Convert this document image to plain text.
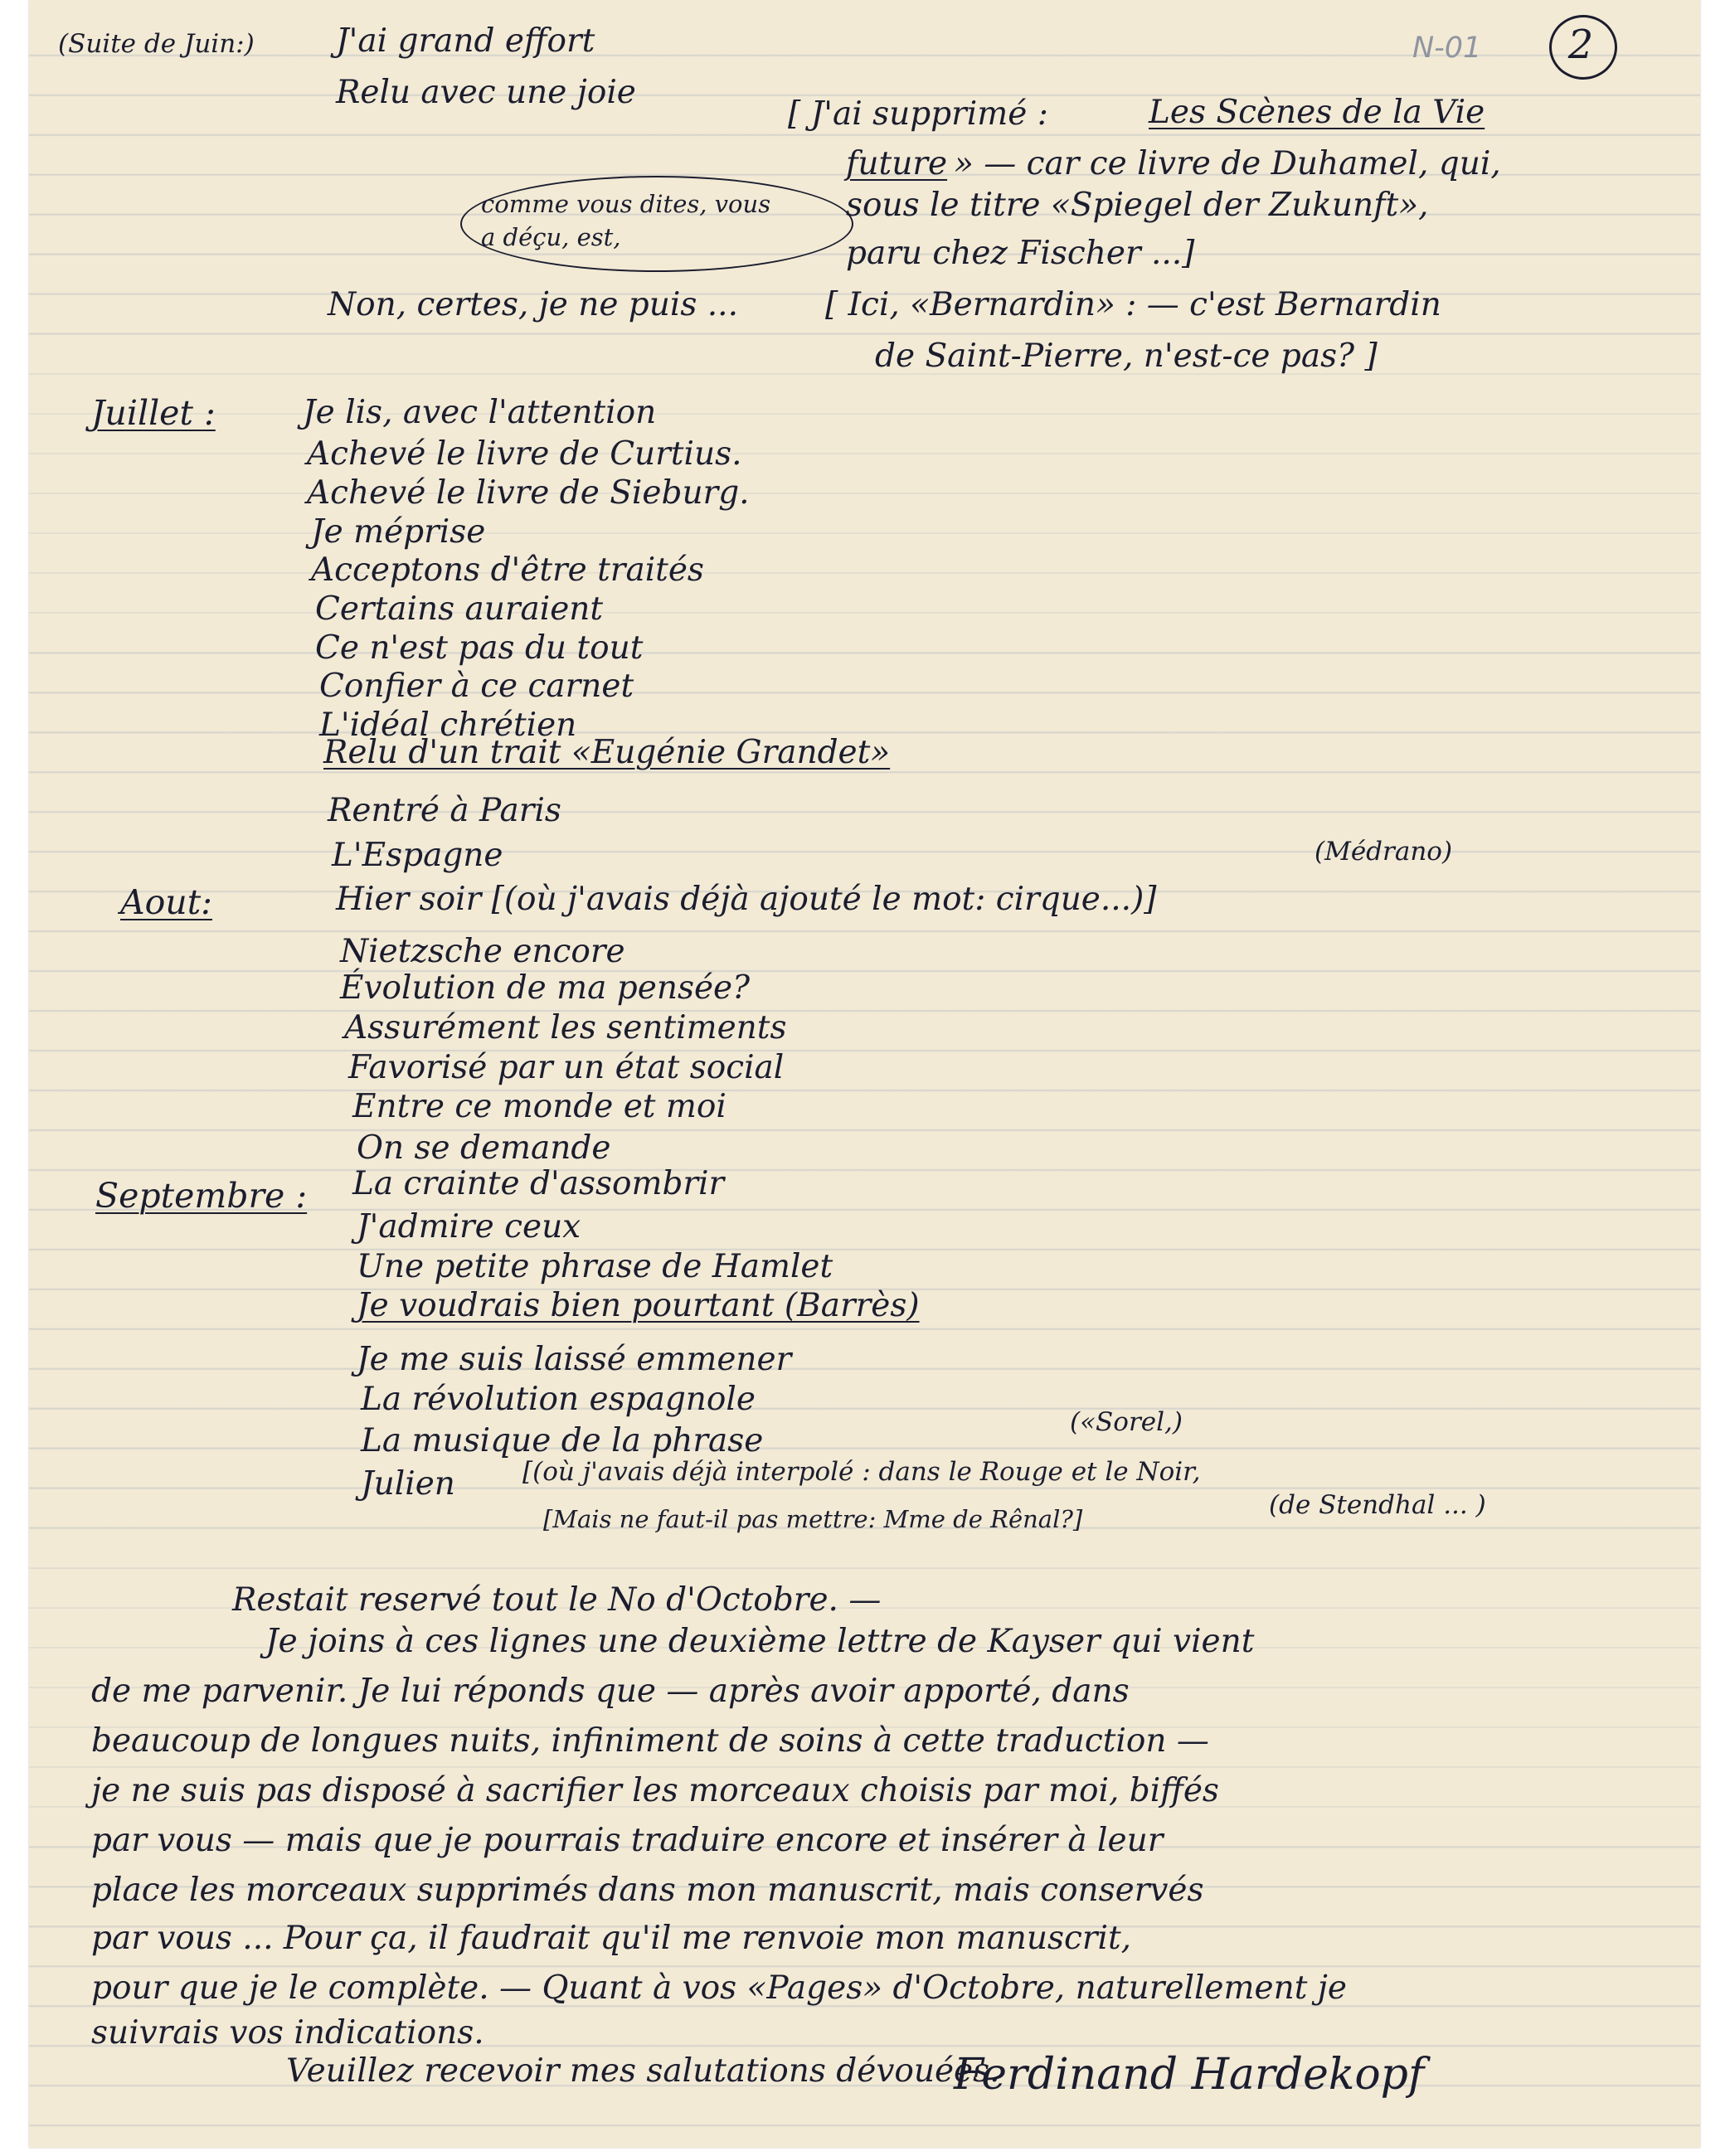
N-01	2
(Suite de Juin:)	J'ai grand effort
Relu avec une joie
[ J'ai supprimé :	Les Scènes de la Vie
future » — car ce livre de Duhamel, qui,
sous le titre «Spiegel der Zukunft»,
paru chez Fischer ...]
comme vous dites, vous
a déçu, est,
Non, certes, je ne puis ...	[ Ici, «Bernardin» : — c'est Bernardin
de Saint-Pierre, n'est-ce pas? ]
Juillet :	Je lis, avec l'attention
Achevé le livre de Curtius.
Achevé le livre de Sieburg.
Je méprise
Acceptons d'être traités
Certains auraient
Ce n'est pas du tout
Confier à ce carnet
L'idéal chrétien
Relu d'un trait «Eugénie Grandet»
Rentré à Paris
L'Espagne	(Médrano)
Aout:	Hier soir [(où j'avais déjà ajouté le mot: cirque...)]
Nietzsche encore
Évolution de ma pensée?
Assurément les sentiments
Favorisé par un état social
Entre ce monde et moi
On se demande
Septembre : La crainte d'assombrir
J'admire ceux
Une petite phrase de Hamlet
Je voudrais bien pourtant (Barrès)
Je me suis laissé emmener
La révolution espagnole
La musique de la phrase	(«Sorel,)
Julien	[(où j'avais déjà interpolé : dans le Rouge et le Noir,
[Mais ne faut-il pas mettre: Mme de Rênal?]	(de Stendhal ... )
Restait reservé tout le No d'Octobre. —
Je joins à ces lignes une deuxième lettre de Kayser qui vient
de me parvenir. Je lui réponds que — après avoir apporté, dans
beaucoup de longues nuits, infiniment de soins à cette traduction —
je ne suis pas disposé à sacrifier les morceaux choisis par moi, biffés
par vous — mais que je pourrais traduire encore et insérer à leur
place les morceaux supprimés dans mon manuscrit, mais conservés
par vous ... Pour ça, il faudrait qu'il me renvoie mon manuscrit,
pour que je le complète. — Quant à vos «Pages» d'Octobre, naturellement je
suivrais vos indications.
Veuillez recevoir mes salutations dévouées.
Ferdinand Hardekopf
